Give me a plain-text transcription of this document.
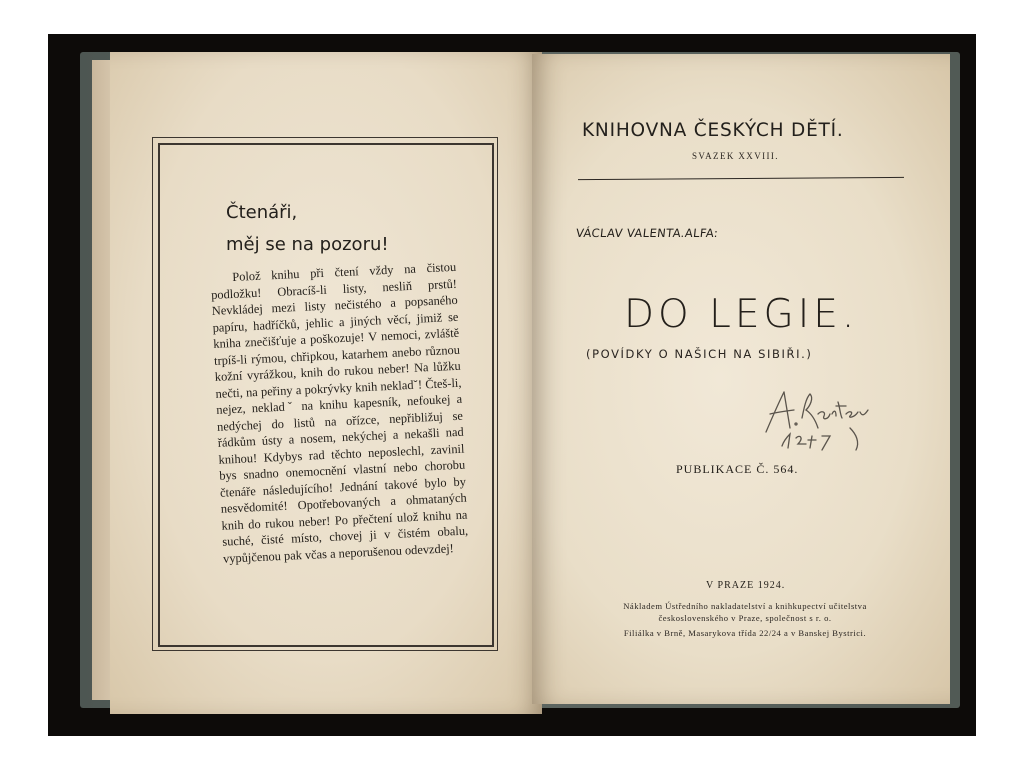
Čtenáři,

měj se na pozoru!

Polož knihu při čtení vždy na čistou podložku! Obracíš-li listy, nesliň prstů! Nevkládej mezi listy nečistého a popsaného papíru, hadříčků, jehlic a jiných věcí, jimiž se kniha znečišťuje a poškozuje! V nemoci, zvláště trpíš-li rýmou, chřipkou, katarhem anebo různou kožní vyrážkou, knih do rukou neber! Na lůžku nečti, na peřiny a pokrývky knih nekladˇ! Čteš-li, nejez, nekladˇ na knihu kapesník, nefoukej a nedýchej do listů na ořízce, nepřibližuj se řádkům ústy a nosem, nekýchej a nekašli nad knihou! Kdybys rad těchto neposlechl, zavinil bys snadno onemocnění vlastní nebo chorobu čtenáře následujícího! Jednání takové bylo by nesvědomité! Opotřebovaných a ohmataných knih do rukou neber! Po přečtení ulož knihu na suché, čisté místo, chovej ji v čistém obalu, vypůjčenou pak včas a neporušenou odevzdej!

KNIHOVNA ČESKÝCH DĚTÍ.

SVAZEK XXVIII.

VÁCLAV VALENTA.ALFA:

DO LEGIE.

(POVÍDKY O NAŠICH NA SIBIŘI.)

PUBLIKACE Č. 564.

V PRAZE 1924.

Nákladem Ústředního nakladatelství a knihkupectví učitelstva

československého v Praze, společnost s r. o.

Filiálka v Brně, Masarykova třída 22/24 a v Banskej Bystrici.
